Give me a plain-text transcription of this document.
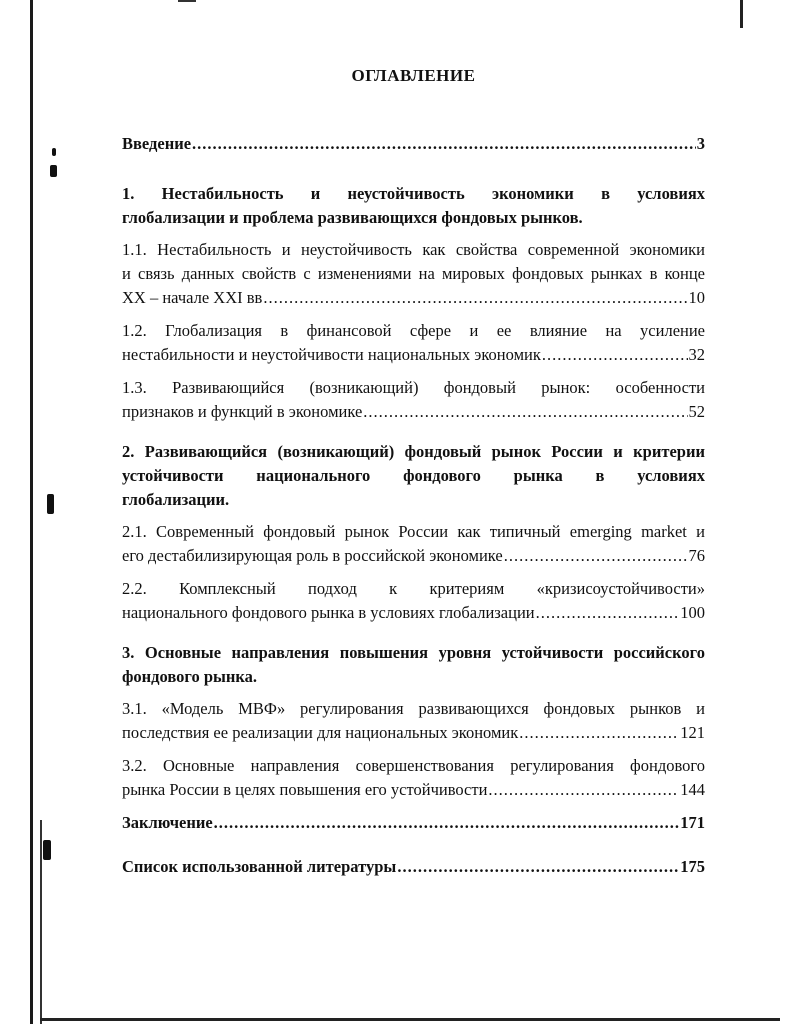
ОГЛАВЛЕНИЕ
Введение .....	3
1. Нестабильность и неустойчивость экономики в условиях
глобализации и проблема развивающихся фондовых рынков.
1.1. Нестабильность и неустойчивость как свойства современной экономики
и связь данных свойств с изменениями на мировых фондовых рынках в конце
XX – начале XXI вв .....	10
1.2. Глобализация в финансовой сфере и ее влияние на усиление
нестабильности и неустойчивости национальных экономик .....	32
1.3. Развивающийся (возникающий) фондовый рынок: особенности
признаков и функций в экономике .....	52
2. Развивающийся (возникающий) фондовый рынок России и критерии
устойчивости национального фондового рынка в условиях
глобализации.
2.1. Современный фондовый рынок России как типичный emerging market и
его дестабилизирующая роль в российской экономике .....	76
2.2. Комплексный подход к критериям «кризисоустойчивости»
национального фондового рынка в условиях глобализации .....	100
3. Основные направления повышения уровня устойчивости российского
фондового рынка.
3.1. «Модель МВФ» регулирования развивающихся фондовых рынков и
последствия ее реализации для национальных экономик .....	121
3.2. Основные направления совершенствования регулирования фондового
рынка России в целях повышения его устойчивости .....	144
Заключение .....	171
Список использованной литературы .....	175
